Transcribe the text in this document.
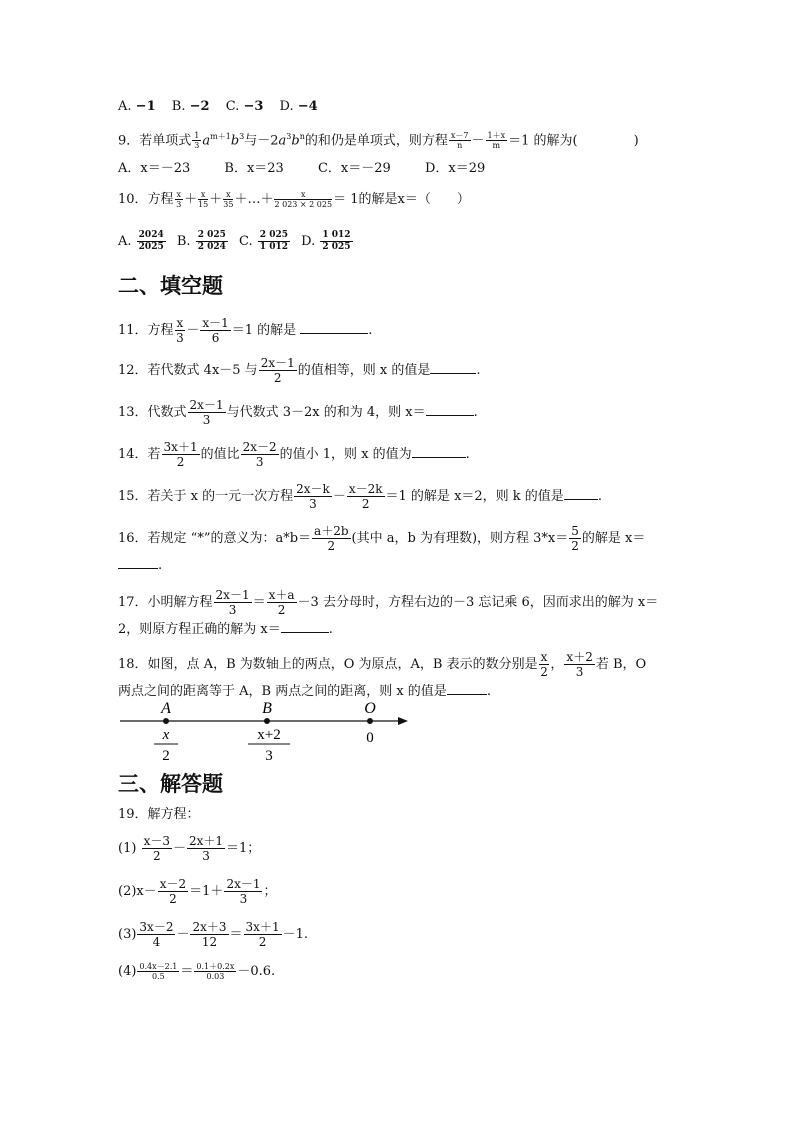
A. −1 B. −2 C. −3 D. −4
9．若单项式 $\frac{1}{3} a^{m+1}b^3$与$-2a^3b^n$的和仍是单项式，则方程 $\frac{x-7}{n} - \frac{1+x}{m} =1$ 的解为(	)
A．x＝－23	B．x＝23	C．x＝－29	D．x＝29
10．方程 $\frac{x}{3} + \frac{x}{15} + \frac{x}{35}$ ＋…＋ $\frac{x}{2 023 \times 2 025} = 1$的解是x＝（ ）
A. $\frac{2024}{2025} B$. $\frac{2 025}{2 024} C$. $\frac{2 025}{1 012} D$. $\frac{1 012}{2 025}$
二、填空题
11．方程 $\frac{x}{3} - \frac{x-1}{6} =1$ 的解是	.
12．若代数式 4x－5 与 $\frac{2x-1}{2}$ 的值相等，则 x 的值是	.
13．代数式 $\frac{2x-1}{3}$ 与代数式 3－2x 的和为 4，则 x＝	.
14．若 $\frac{3x+1}{2}$ 的值比 $\frac{2x-2}{3}$ 的值小 1，则 x 的值为	.
15．若关于 x 的一元一次方程 $\frac{2x-k}{3} - \frac{x-2k}{2} =1$ 的解是 x＝2，则 k 的值是	.
16．若规定 “*”的意义为：$a*b= \frac{a+2b}{2}$ (其中 a，b 为有理数)，则方程 $3*x= \frac{5}{2}$ 的解是 x＝
.
17．小明解方程 $\frac{2x-1}{3} = \frac{x+a}{2} -3$ 去分母时，方程右边的－3 忘记乘 6，因而求出的解为 x＝
2，则原方程正确的解为 x＝	.
18．如图，点 A，B 为数轴上的两点，O 为原点，A，B 表示的数分别是 $\frac{x}{2}$ ， $\frac{x+2}{3}$ 若 B，O
两点之间的距离等于 A，B 两点之间的距离，则 x 的值是	.
A	B	O
x
2
x+2
3
0
三、解答题
19．解方程：
$(1) \frac{x-3}{2} - \frac{2x+1}{3} =1$；
$(2)x- \frac{x-2}{2} =1+ \frac{2x-1}{3}$ ；
$(3) \frac{3x-2}{4} - \frac{2x+3}{12} = \frac{3x+1}{2} -1$.
$(4) \frac{0.4x-2.1}{0.5} = \frac{0.1+0.2x}{0.03} -0.6$.
